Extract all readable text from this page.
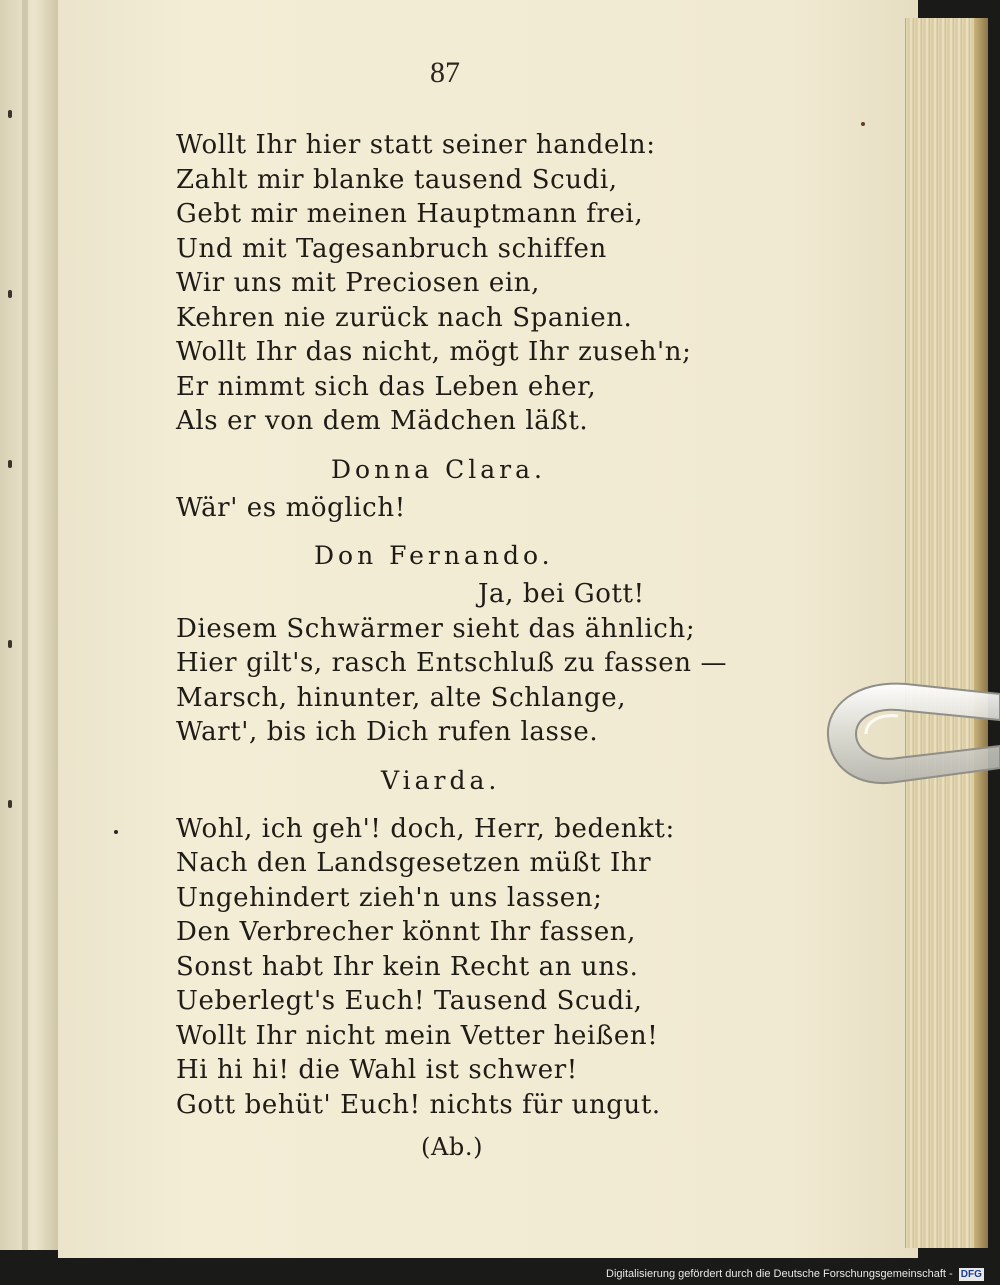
87
Wollt Ihr hier statt seiner handeln:
Zahlt mir blanke tausend Scudi,
Gebt mir meinen Hauptmann frei,
Und mit Tagesanbruch schiffen
Wir uns mit Preciosen ein,
Kehren nie zurück nach Spanien.
Wollt Ihr das nicht, mögt Ihr zuseh'n;
Er nimmt sich das Leben eher,
Als er von dem Mädchen läßt.
Donna Clara.
Wär' es möglich!
Don Fernando.
Ja, bei Gott!
Diesem Schwärmer sieht das ähnlich;
Hier gilt's, rasch Entschluß zu fassen —
Marsch, hinunter, alte Schlange,
Wart', bis ich Dich rufen lasse.
Viarda.
Wohl, ich geh'! doch, Herr, bedenkt:
Nach den Landsgesetzen müßt Ihr
Ungehindert zieh'n uns lassen;
Den Verbrecher könnt Ihr fassen,
Sonst habt Ihr kein Recht an uns.
Ueberlegt's Euch! Tausend Scudi,
Wollt Ihr nicht mein Vetter heißen!
Hi hi hi! die Wahl ist schwer!
Gott behüt' Euch! nichts für ungut.
(Ab.)
Digitalisierung gefördert durch die Deutsche Forschungsgemeinschaft - DFG
